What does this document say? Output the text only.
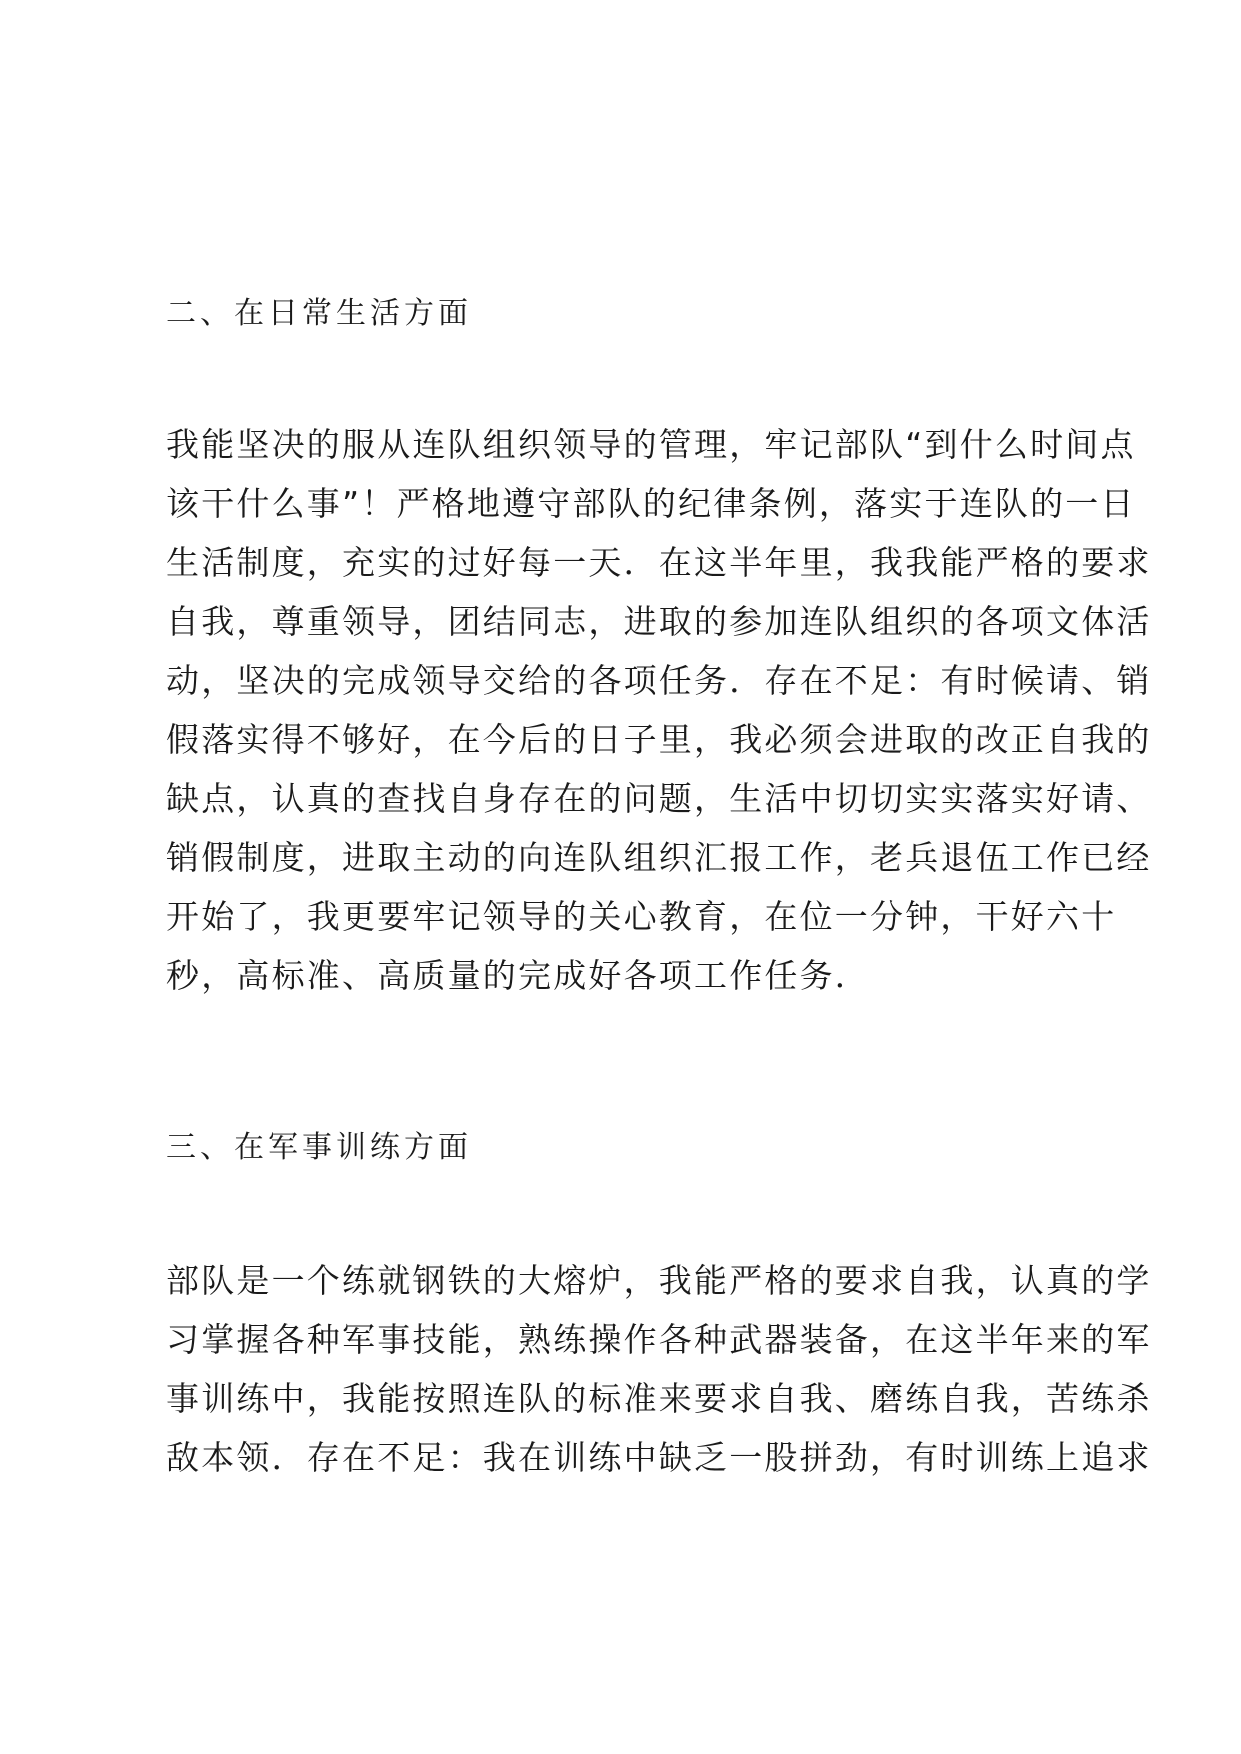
二、在日常生活方面
我能坚决的服从连队组织领导的管理，牢记部队“到什么时间点
该干什么事”！严格地遵守部队的纪律条例，落实于连队的一日
生活制度，充实的过好每一天．在这半年里，我我能严格的要求
自我，尊重领导，团结同志，进取的参加连队组织的各项文体活
动，坚决的完成领导交给的各项任务．存在不足：有时候请、销
假落实得不够好，在今后的日子里，我必须会进取的改正自我的
缺点，认真的查找自身存在的问题，生活中切切实实落实好请、
销假制度，进取主动的向连队组织汇报工作，老兵退伍工作已经
开始了，我更要牢记领导的关心教育，在位一分钟，干好六十
秒，高标准、高质量的完成好各项工作任务．
三、在军事训练方面
部队是一个练就钢铁的大熔炉，我能严格的要求自我，认真的学
习掌握各种军事技能，熟练操作各种武器装备，在这半年来的军
事训练中，我能按照连队的标准来要求自我、磨练自我，苦练杀
敌本领．存在不足：我在训练中缺乏一股拼劲，有时训练上追求
